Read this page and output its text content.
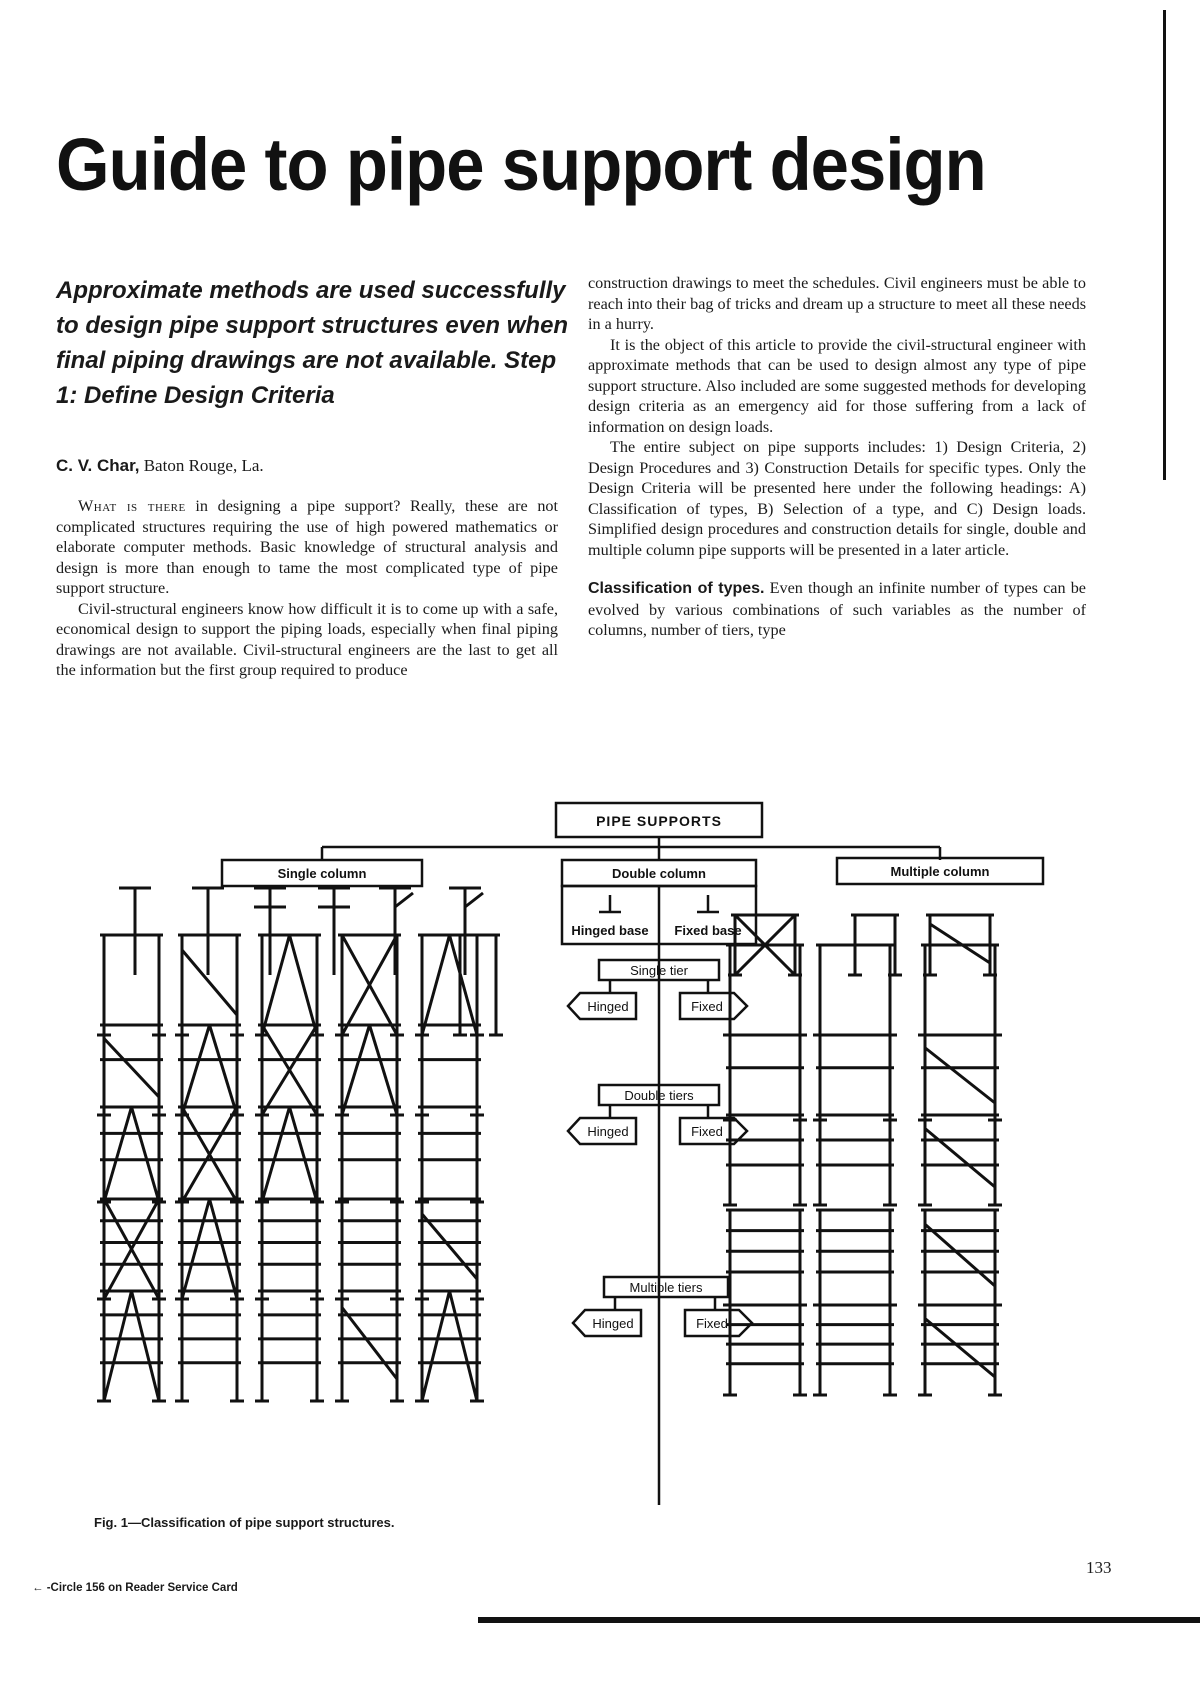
Guide to pipe support design
Approximate methods are used successfully to design pipe support structures even when final piping drawings are not available. Step 1: Define Design Criteria
C. V. Char, Baton Rouge, La.

What is there in designing a pipe support? Really, these are not complicated structures requiring the use of high powered mathematics or elaborate computer methods. Basic knowledge of structural analysis and design is more than enough to tame the most complicated type of pipe support structure.

Civil-structural engineers know how difficult it is to come up with a safe, economical design to support the piping loads, especially when final piping drawings are not available. Civil-structural engineers are the last to get all the information but the first group required to produce

construction drawings to meet the schedules. Civil engineers must be able to reach into their bag of tricks and dream up a structure to meet all these needs in a hurry.

It is the object of this article to provide the civil-structural engineer with approximate methods that can be used to design almost any type of pipe support structure. Also included are some suggested methods for developing design criteria as an emergency aid for those suffering from a lack of information on design loads.

The entire subject on pipe supports includes: 1) Design Criteria, 2) Design Procedures and 3) Construction Details for specific types. Only the Design Criteria will be presented here under the following headings: A) Classification of types, B) Selection of a type, and C) Design loads. Simplified design procedures and construction details for single, double and multiple column pipe supports will be presented in a later article.

Classification of types. Even though an infinite number of types can be evolved by various combinations of such variables as the number of columns, number of tiers, type

PIPE SUPPORTS
Single column	Double column	Multiple column
Hinged base Fixed base
Single tier
Hinged	Fixed
Double tiers
Hinged	Fixed
Multiple tiers
Hinged	Fixed
Fig. 1—Classification of pipe support structures.
← -Circle 156 on Reader Service Card
133
